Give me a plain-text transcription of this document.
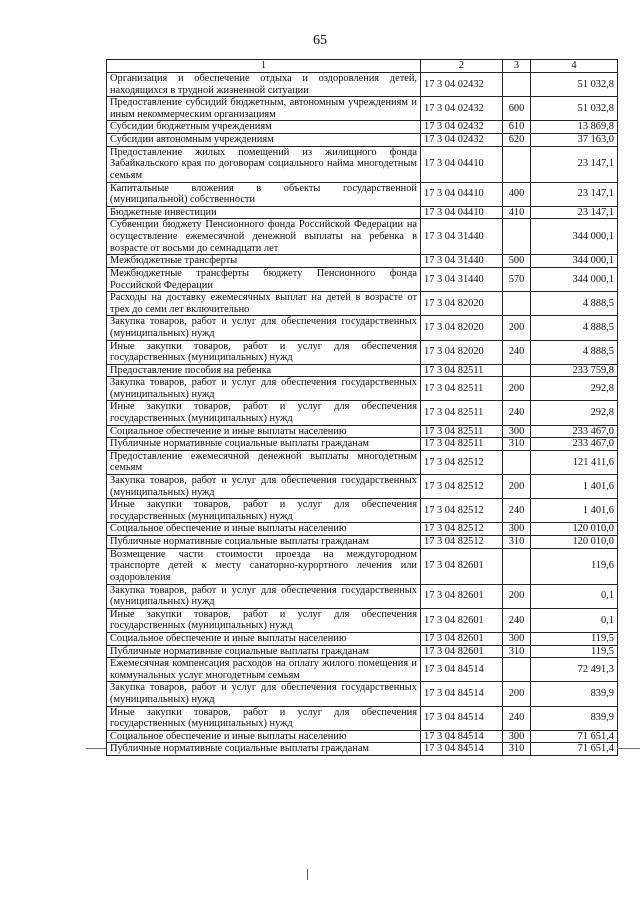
65
1	2	3	4
Организация и обеспечение отдыха и оздоровления детей, находящихся в трудной жизненной ситуации	17 3 04 02432		51 032,8
Предоставление субсидий бюджетным, автономным учреждениям и иным некоммерческим организациям	17 3 04 02432	600	51 032,8
Субсидии бюджетным учреждениям	17 3 04 02432	610	13 869,8
Субсидии автономным учреждениям	17 3 04 02432	620	37 163,0
Предоставление жилых помещений из жилищного фонда Забайкальского края по договорам социального найма многодетным семьям	17 3 04 04410		23 147,1
Капитальные вложения в объекты государственной (муниципальной) собственности	17 3 04 04410	400	23 147,1
Бюджетные инвестиции	17 3 04 04410	410	23 147,1
Субвенции бюджету Пенсионного фонда Российской Федерации на осуществление ежемесячной денежной выплаты на ребенка в возрасте от восьми до семнадцати лет	17 3 04 31440		344 000,1
Межбюджетные трансферты	17 3 04 31440	500	344 000,1
Межбюджетные трансферты бюджету Пенсионного фонда Российской Федерации	17 3 04 31440	570	344 000,1
Расходы на доставку ежемесячных выплат на детей в возрасте от трех до семи лет включительно	17 3 04 82020		4 888,5
Закупка товаров, работ и услуг для обеспечения государственных (муниципальных) нужд	17 3 04 82020	200	4 888,5
Иные закупки товаров, работ и услуг для обеспечения государственных (муниципальных) нужд	17 3 04 82020	240	4 888,5
Предоставление пособия на ребенка	17 3 04 82511		233 759,8
Закупка товаров, работ и услуг для обеспечения государственных (муниципальных) нужд	17 3 04 82511	200	292,8
Иные закупки товаров, работ и услуг для обеспечения государственных (муниципальных) нужд	17 3 04 82511	240	292,8
Социальное обеспечение и иные выплаты населению	17 3 04 82511	300	233 467,0
Публичные нормативные социальные выплаты гражданам	17 3 04 82511	310	233 467,0
Предоставление ежемесячной денежной выплаты многодетным семьям	17 3 04 82512		121 411,6
Закупка товаров, работ и услуг для обеспечения государственных (муниципальных) нужд	17 3 04 82512	200	1 401,6
Иные закупки товаров, работ и услуг для обеспечения государственных (муниципальных) нужд	17 3 04 82512	240	1 401,6
Социальное обеспечение и иные выплаты населению	17 3 04 82512	300	120 010,0
Публичные нормативные социальные выплаты гражданам	17 3 04 82512	310	120 010,0
Возмещение части стоимости проезда на междугородном транспорте детей к месту санаторно-курортного лечения или оздоровления	17 3 04 82601		119,6
Закупка товаров, работ и услуг для обеспечения государственных (муниципальных) нужд	17 3 04 82601	200	0,1
Иные закупки товаров, работ и услуг для обеспечения государственных (муниципальных) нужд	17 3 04 82601	240	0,1
Социальное обеспечение и иные выплаты населению	17 3 04 82601	300	119,5
Публичные нормативные социальные выплаты гражданам	17 3 04 82601	310	119,5
Ежемесячная компенсация расходов на оплату жилого помещения и коммунальных услуг многодетным семьям	17 3 04 84514		72 491,3
Закупка товаров, работ и услуг для обеспечения государственных (муниципальных) нужд	17 3 04 84514	200	839,9
Иные закупки товаров, работ и услуг для обеспечения государственных (муниципальных) нужд	17 3 04 84514	240	839,9
Социальное обеспечение и иные выплаты населению	17 3 04 84514	300	71 651,4
Публичные нормативные социальные выплаты гражданам	17 3 04 84514	310	71 651,4
